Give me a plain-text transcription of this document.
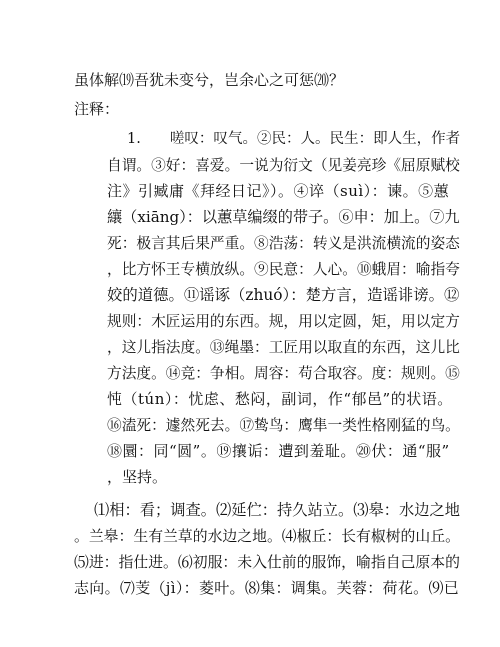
虽体解⒆吾犹未变兮，岂余心之可惩⒇？
注释：
1.　　嗟叹：叹气。②民：人。民生：即人生，作者
自谓。③好：喜爱。一说为衍文（见姜亮珍《屈原赋校
注》引臧庸《拜经日记》）。④谇（suì）：谏。⑤蕙
纕（xiāng）：以蕙草编缀的带子。⑥申：加上。⑦九
死：极言其后果严重。⑧浩荡：转义是洪流横流的姿态
，比方怀王专横放纵。⑨民意：人心。⑩蛾眉：喻指夸
姣的道德。⑪谣诼（zhuó）：楚方言，造谣诽谤。⑫
规则：木匠运用的东西。规，用以定圆，矩，用以定方
，这儿指法度。⑬绳墨：工匠用以取直的东西，这儿比
方法度。⑭竞：争相。周容：苟合取容。度：规则。⑮
忳（tún）：忧虑、愁闷，副词，作“郁邑”的状语。
⑯溘死：遽然死去。⑰鸷鸟：鹰隼一类性格刚猛的鸟。
⑱圜：同“圆”。⑲攘诟：遭到羞耻。⑳伏：通“服”
，坚持。
⑴相：看；调查。⑵延伫：持久站立。⑶皋：水边之地
。兰皋：生有兰草的水边之地。⑷椒丘：长有椒树的山丘。
⑸进：指仕进。⑹初服：未入仕前的服饰，喻指自己原本的
志向。⑺芰（jì）：菱叶。⑻集：调集。芙蓉：荷花。⑼已
